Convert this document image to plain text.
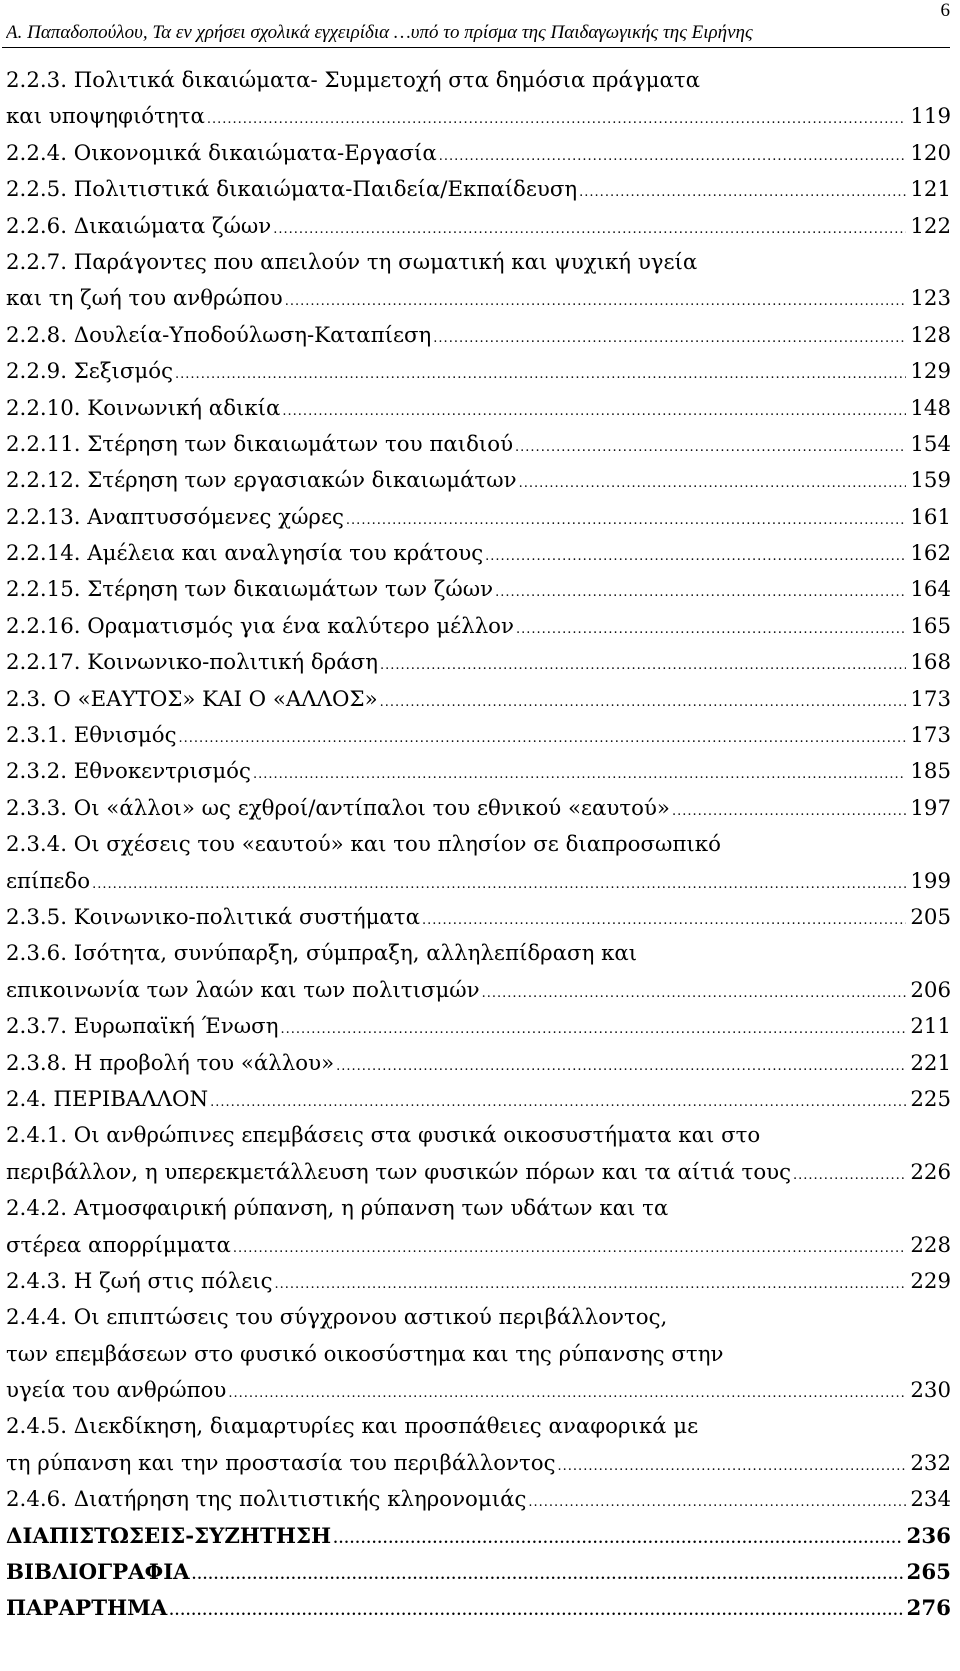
Α. Παπαδοπούλου, Τα εν χρήσει σχολικά εγχειρίδια …υπό το πρίσμα της Παιδαγωγικής της Ειρήνης
6
2.2.3. Πολιτικά δικαιώματα- Συμμετοχή στα δημόσια πράγματα
και υποψηφιότητα .....	119
2.2.4. Οικονομικά δικαιώματα-Εργασία .....	120
2.2.5. Πολιτιστικά δικαιώματα-Παιδεία/Εκπαίδευση .....	121
2.2.6. Δικαιώματα ζώων .....	122
2.2.7. Παράγοντες που απειλούν τη σωματική και ψυχική υγεία
και τη ζωή του ανθρώπου .....	123
2.2.8. Δουλεία-Υποδούλωση-Καταπίεση .....	128
2.2.9. Σεξισμός .....	129
2.2.10. Κοινωνική αδικία .....	148
2.2.11. Στέρηση των δικαιωμάτων του παιδιού .....	154
2.2.12. Στέρηση των εργασιακών δικαιωμάτων .....	159
2.2.13. Αναπτυσσόμενες χώρες .....	161
2.2.14. Αμέλεια και αναλγησία του κράτους .....	162
2.2.15. Στέρηση των δικαιωμάτων των ζώων .....	164
2.2.16. Οραματισμός για ένα καλύτερο μέλλον .....	165
2.2.17. Κοινωνικο-πολιτική δράση .....	168
2.3. Ο «ΕΑΥΤΟΣ» ΚΑΙ Ο «ΑΛΛΟΣ» .....	173
2.3.1. Εθνισμός .....	173
2.3.2. Εθνοκεντρισμός .....	185
2.3.3. Οι «άλλοι» ως εχθροί/αντίπαλοι του εθνικού «εαυτού» .....	197
2.3.4. Οι σχέσεις του «εαυτού» και του πλησίον σε διαπροσωπικό
επίπεδο .....	199
2.3.5. Κοινωνικο-πολιτικά συστήματα .....	205
2.3.6. Ισότητα, συνύπαρξη, σύμπραξη, αλληλεπίδραση και
επικοινωνία των λαών και των πολιτισμών .....	206
2.3.7. Ευρωπαϊκή Ένωση .....	211
2.3.8. Η προβολή του «άλλου» .....	221
2.4. ΠΕΡΙΒΑΛΛΟΝ .....	225
2.4.1. Οι ανθρώπινες επεμβάσεις στα φυσικά οικοσυστήματα και στο
περιβάλλον, η υπερεκμετάλλευση των φυσικών πόρων και τα αίτιά τους .....	226
2.4.2. Ατμοσφαιρική ρύπανση, η ρύπανση των υδάτων και τα
στέρεα απορρίμματα .....	228
2.4.3. Η ζωή στις πόλεις .....	229
2.4.4. Οι επιπτώσεις του σύγχρονου αστικού περιβάλλοντος,
των επεμβάσεων στο φυσικό οικοσύστημα και της ρύπανσης στην
υγεία του ανθρώπου .....	230
2.4.5. Διεκδίκηση, διαμαρτυρίες και προσπάθειες αναφορικά με
τη ρύπανση και την προστασία του περιβάλλοντος .....	232
2.4.6. Διατήρηση της πολιτιστικής κληρονομιάς .....	234
ΔΙΑΠΙΣΤΩΣΕΙΣ-ΣΥΖΗΤΗΣΗ .....	236
ΒΙΒΛΙΟΓΡΑΦΙΑ .....	265
ΠΑΡΑΡΤΗΜΑ .....	276
